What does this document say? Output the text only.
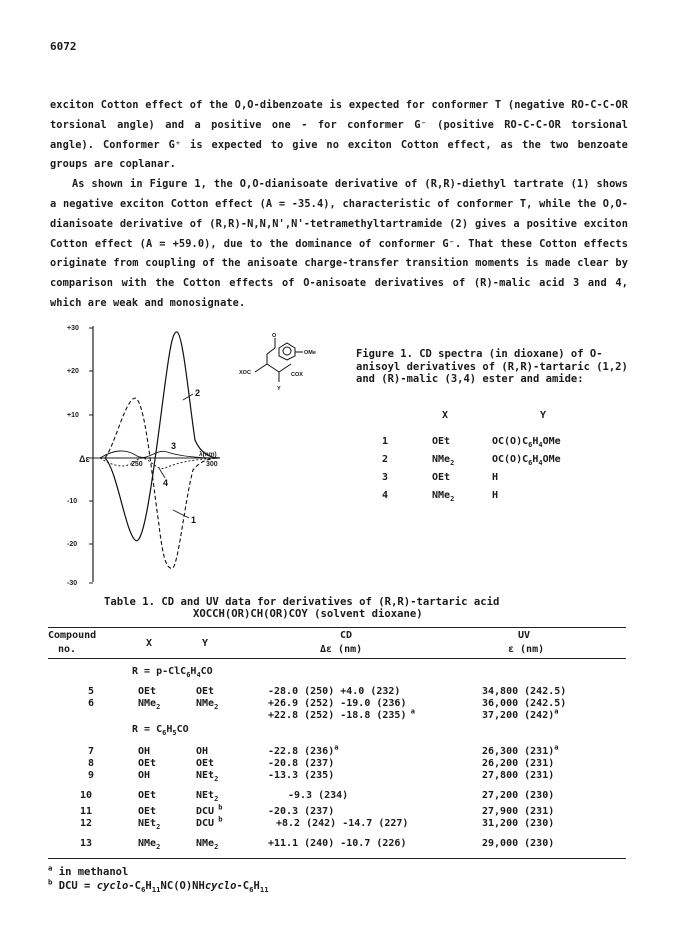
6072

exciton Cotton effect of the O,O-dibenzoate is expected for conformer T (negative RO-C-C-OR torsional angle) and a positive one - for conformer G⁻ (positive RO-C-C-OR torsional angle). Conformer G⁺ is expected to give no exciton Cotton effect, as the two benzoate groups are coplanar.

As shown in Figure 1, the O,O-dianisoate derivative of (R,R)-diethyl tartrate (1) shows a negative exciton Cotton effect (A = -35.4), characteristic of conformer T, while the O,O-dianisoate derivative of (R,R)-N,N,N',N'-tetramethyltartramide (2) gives a positive exciton Cotton effect (A = +59.0), due to the dominance of conformer G⁻. That these Cotton effects originate from coupling of the anisoate charge-transfer transition moments is made clear by comparison with the Cotton effects of O-anisoate derivatives of (R)-malic acid 3 and 4, which are weak and monosignate.

+30
+20
+10
-10
-20
-30
Δε
250	300
λ(nm)
2
1
3
4
XOC	COX
Y
OMe
O
Figure 1. CD spectra (in dioxane) of O-anisoyl derivatives of (R,R)-tartaric (1,2) and (R)-malic (3,4) ester and amide:
X	Y
1	OEt	$OC(O)C_6H_4OMe$
2	NMe$_2$	$OC(O)C_6H_4OMe$
3	OEt	H
4	NMe$_2$	H
Table 1. CD and UV data for derivatives of (R,R)-tartaric acid
XOCCH(OR)CH(OR)COY (solvent dioxane)
Compound
no.
X	Y
CD
Δε (nm)
UV
ε (nm)
$R = p-ClC_6H_4CO$
5	OEt	OEt	-28.0 (250) +4.0 (232)	34,800 (242.5)
6	NMe$_2$	NMe$_2$	+26.9 (252) -19.0 (236)	36,000 (242.5)
+22.8 (252) -18.8 (235) $^a$	37,200 $(242)^a$
$R = C_6H_5CO$
7	OH	OH	-22.8 $(236)^a$	26,300 $(231)^a$
8	OEt	OEt	-20.8 (237)	26,200 (231)
9	OH	NEt$_2$	-13.3 (235)	27,800 (231)
10	OEt	NEt$_2$	-9.3 (234)	27,200 (230)
11	OEt	DCU $^b$	-20.3 (237)	27,900 (231)
12	NEt$_2$	DCU $^b$	+8.2 (242) -14.7 (227)	31,200 (230)
13	NMe$_2$	NMe$_2$	+11.1 (240) -10.7 (226)	29,000 (230)
$^a$ in methanol
$^b$ DCU = cyclo-$C_6H_{11}NC(O)NHcyclo-C_6H_{11}$
